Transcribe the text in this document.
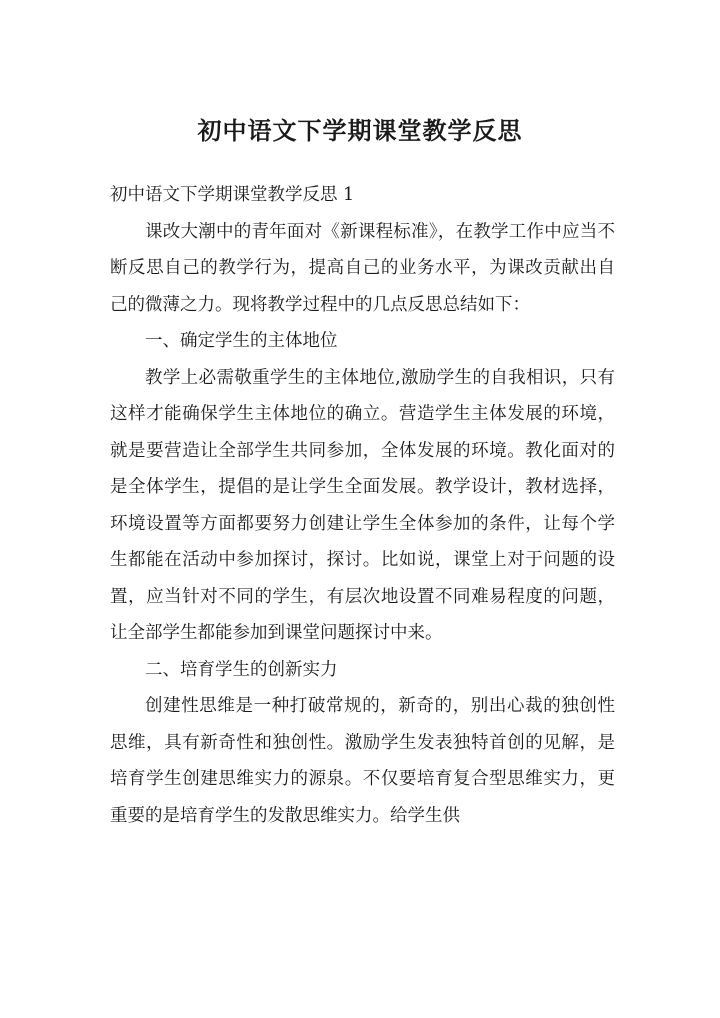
初中语文下学期课堂教学反思

初中语文下学期课堂教学反思 1

课改大潮中的青年面对《新课程标准》，在教学工作中应当不断反思自己的教学行为，提高自己的业务水平，为课改贡献出自己的微薄之力。现将教学过程中的几点反思总结如下：

一、确定学生的主体地位

教学上必需敬重学生的主体地位,激励学生的自我相识，只有这样才能确保学生主体地位的确立。营造学生主体发展的环境，就是要营造让全部学生共同参加，全体发展的环境。教化面对的是全体学生，提倡的是让学生全面发展。教学设计，教材选择，环境设置等方面都要努力创建让学生全体参加的条件，让每个学生都能在活动中参加探讨，探讨。比如说，课堂上对于问题的设置，应当针对不同的学生，有层次地设置不同难易程度的问题，让全部学生都能参加到课堂问题探讨中来。

二、培育学生的创新实力

创建性思维是一种打破常规的，新奇的，别出心裁的独创性思维，具有新奇性和独创性。激励学生发表独特首创的见解，是培育学生创建思维实力的源泉。不仅要培育复合型思维实力，更重要的是培育学生的发散思维实力。给学生供
